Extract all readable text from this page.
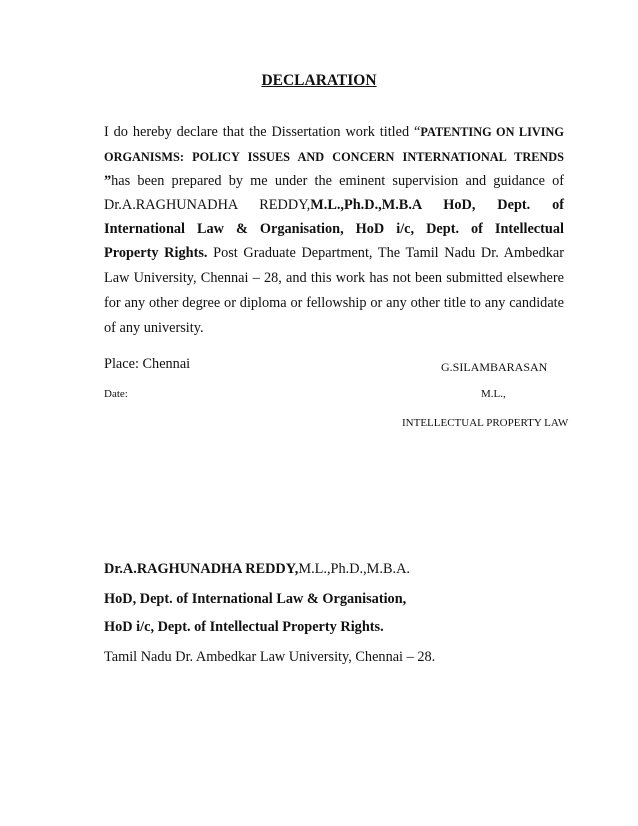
DECLARATION
I do hereby declare that the Dissertation work titled “PATENTING ON LIVING
ORGANISMS: POLICY ISSUES AND CONCERN INTERNATIONAL TRENDS
”has been prepared by me under the eminent supervision and guidance of
Dr.A.RAGHUNADHA REDDY,M.L.,Ph.D.,M.B.A HoD, Dept. of
International Law & Organisation, HoD i/c, Dept. of Intellectual
Property Rights. Post Graduate Department, The Tamil Nadu Dr. Ambedkar
Law University, Chennai – 28, and this work has not been submitted elsewhere
for any other degree or diploma or fellowship or any other title to any candidate
of any university.
Place: Chennai	G.SILAMBARASAN
Date:	M.L.,
INTELLECTUAL PROPERTY LAW
Dr.A.RAGHUNADHA REDDY,M.L.,Ph.D.,M.B.A.
HoD, Dept. of International Law & Organisation,
HoD i/c, Dept. of Intellectual Property Rights.
Tamil Nadu Dr. Ambedkar Law University, Chennai – 28.
